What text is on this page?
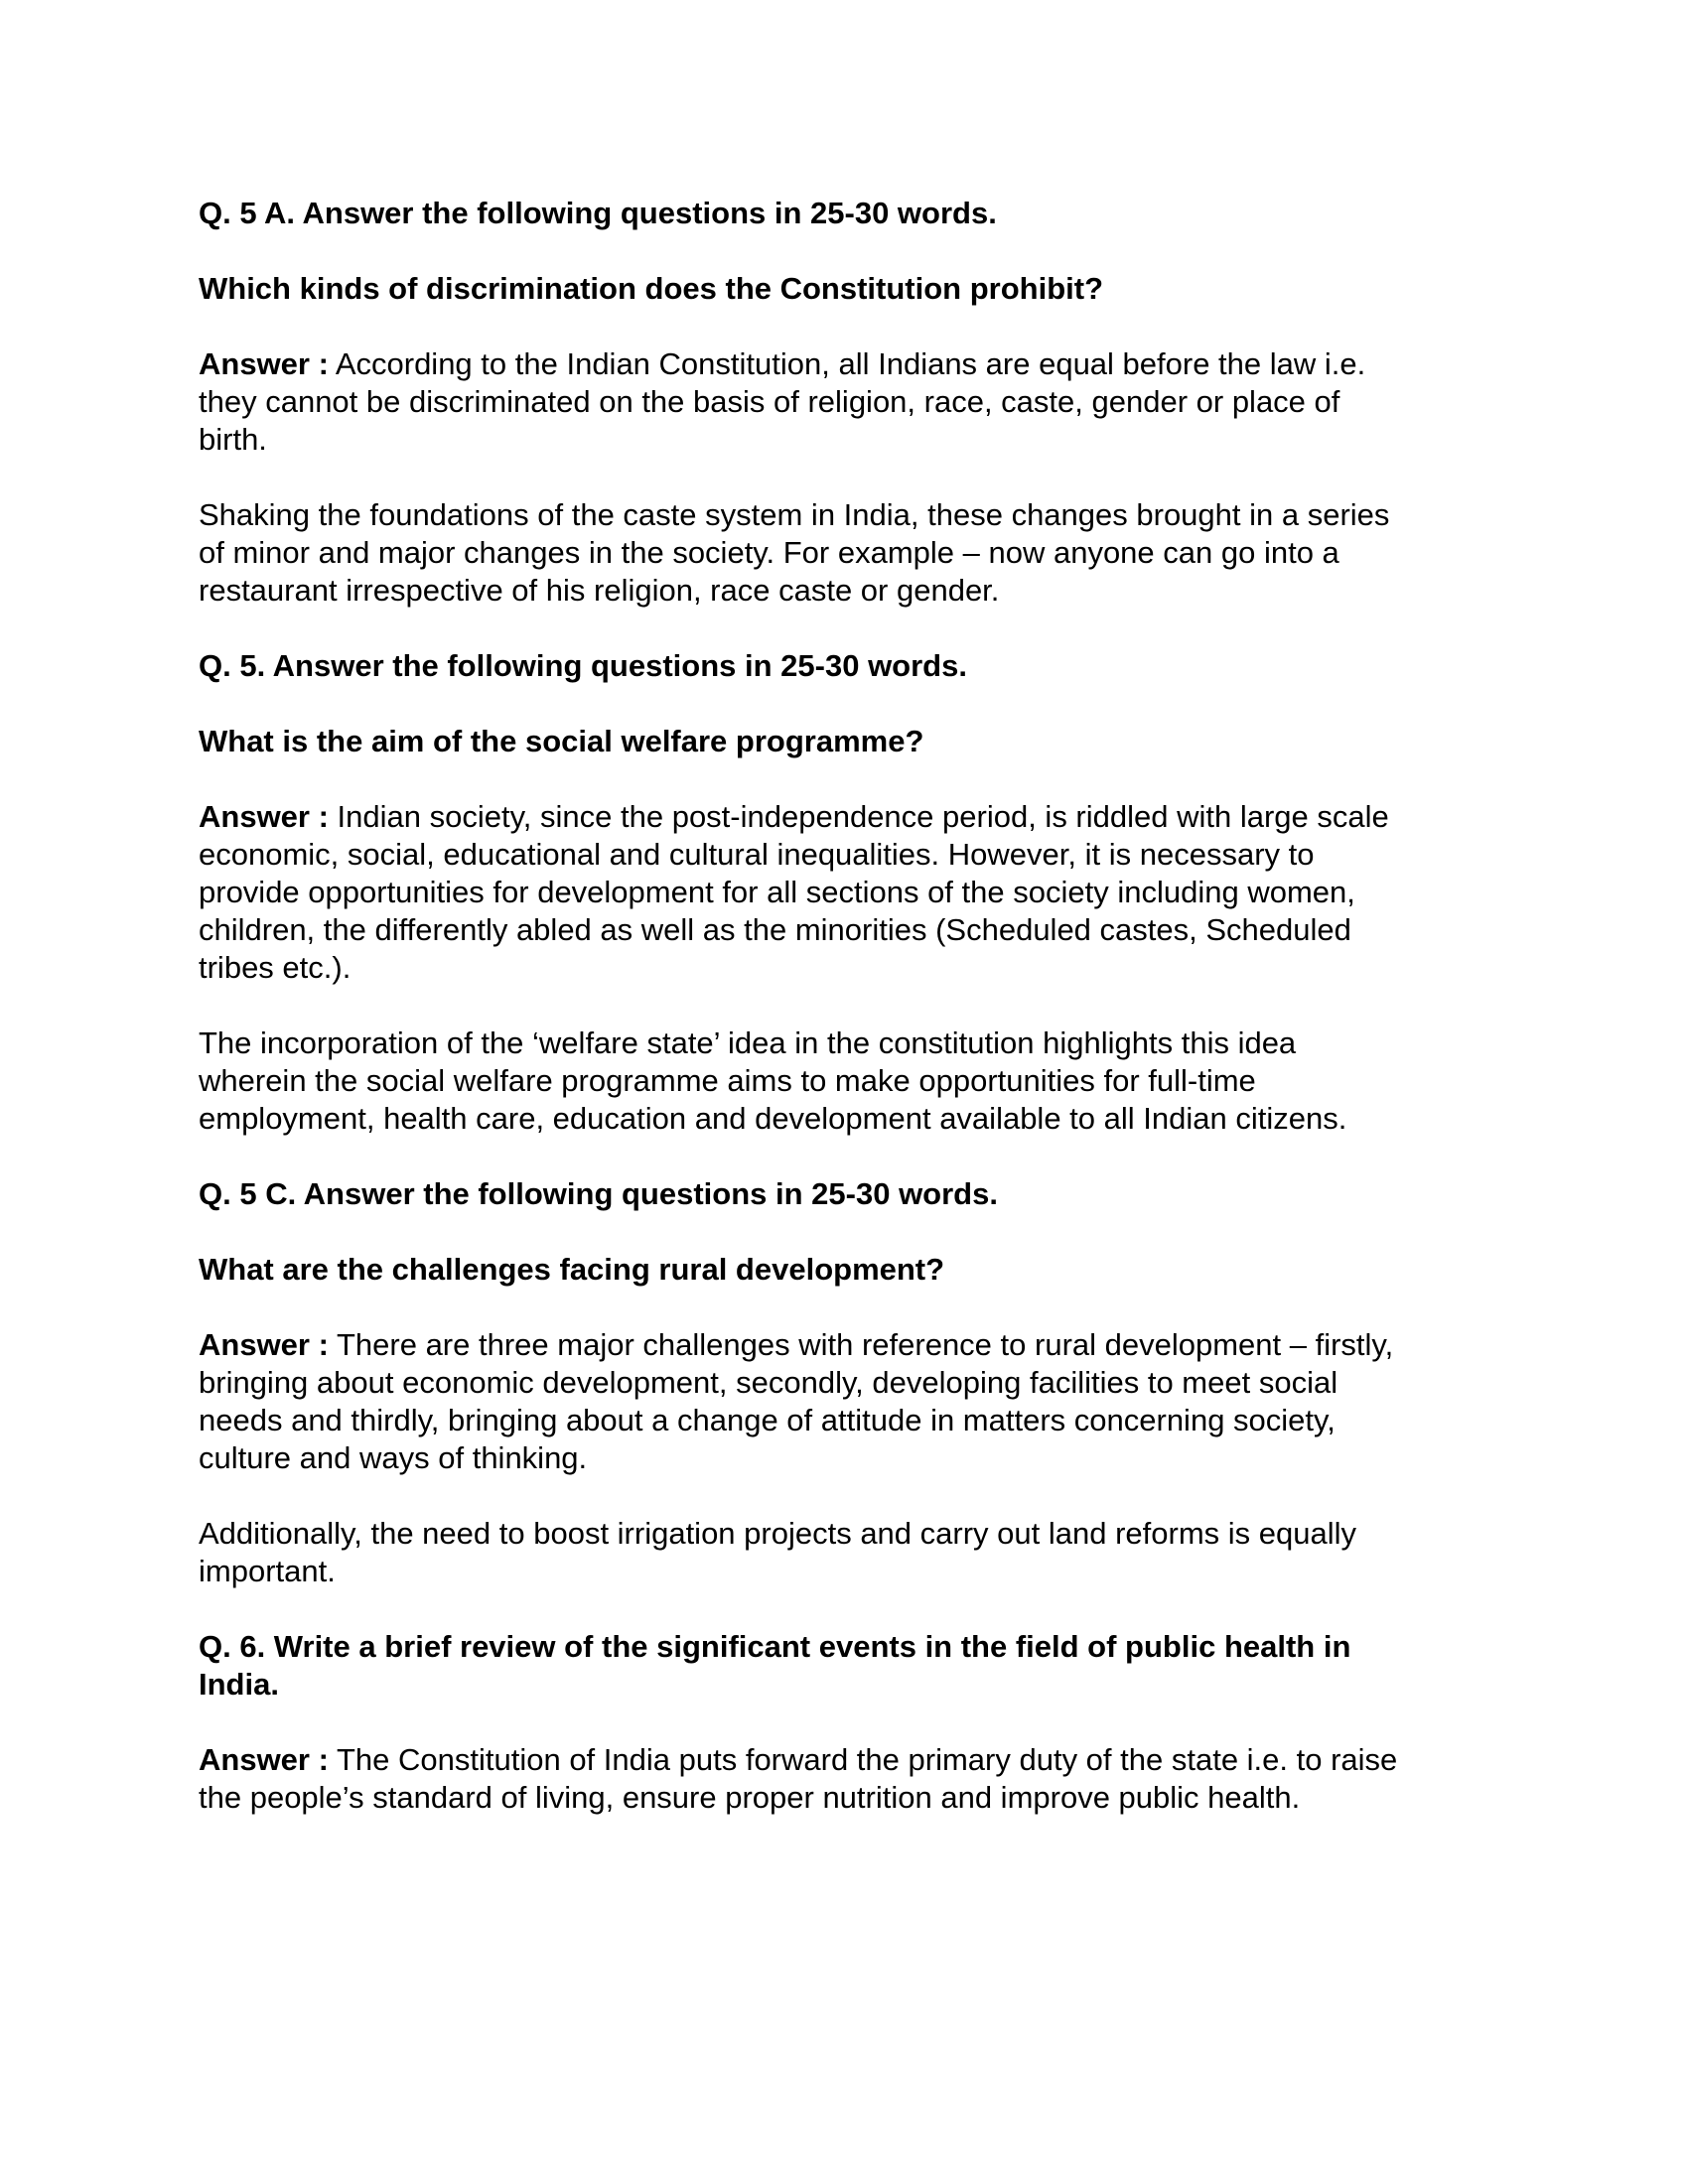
Q. 5 A. Answer the following questions in 25-30 words.
Which kinds of discrimination does the Constitution prohibit?
Answer : According to the Indian Constitution, all Indians are equal before the law i.e.
they cannot be discriminated on the basis of religion, race, caste, gender or place of
birth.
Shaking the foundations of the caste system in India, these changes brought in a series
of minor and major changes in the society. For example – now anyone can go into a
restaurant irrespective of his religion, race caste or gender.
Q. 5. Answer the following questions in 25-30 words.
What is the aim of the social welfare programme?
Answer : Indian society, since the post-independence period, is riddled with large scale
economic, social, educational and cultural inequalities. However, it is necessary to
provide opportunities for development for all sections of the society including women,
children, the differently abled as well as the minorities (Scheduled castes, Scheduled
tribes etc.).
The incorporation of the ‘welfare state’ idea in the constitution highlights this idea
wherein the social welfare programme aims to make opportunities for full-time
employment, health care, education and development available to all Indian citizens.
Q. 5 C. Answer the following questions in 25-30 words.
What are the challenges facing rural development?
Answer : There are three major challenges with reference to rural development – firstly,
bringing about economic development, secondly, developing facilities to meet social
needs and thirdly, bringing about a change of attitude in matters concerning society,
culture and ways of thinking.
Additionally, the need to boost irrigation projects and carry out land reforms is equally
important.
Q. 6. Write a brief review of the significant events in the field of public health in
India.
Answer : The Constitution of India puts forward the primary duty of the state i.e. to raise
the people’s standard of living, ensure proper nutrition and improve public health.
